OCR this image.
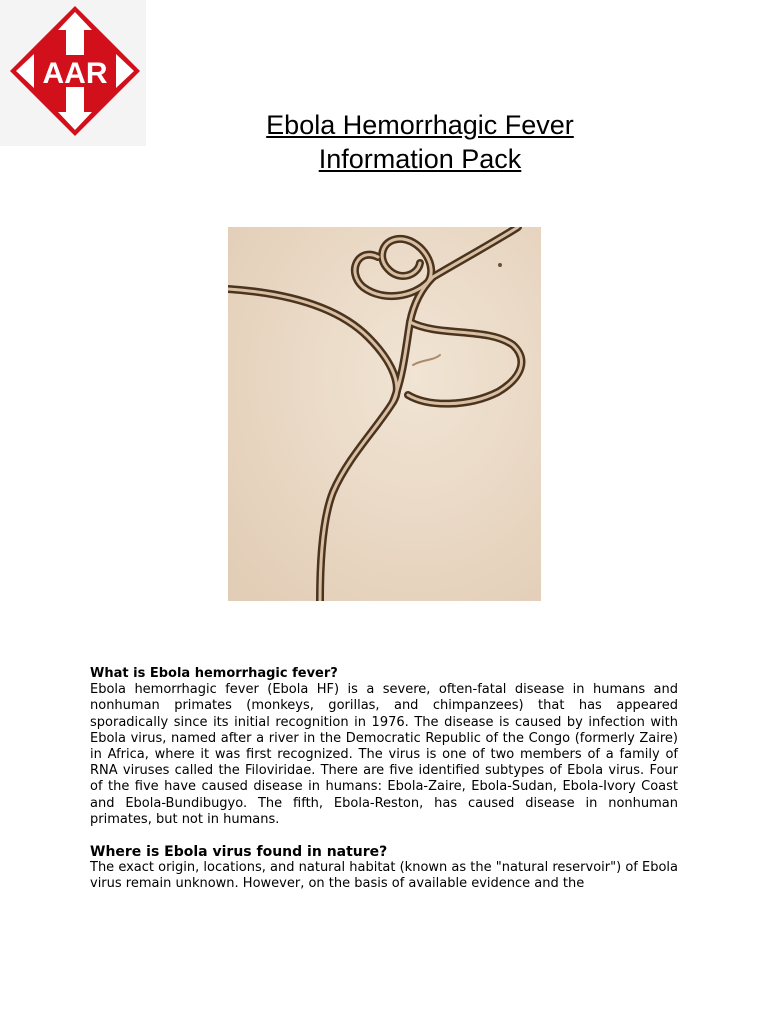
AAR
Ebola Hemorrhagic Fever
Information Pack
What is Ebola hemorrhagic fever?

Ebola hemorrhagic fever (Ebola HF) is a severe, often-fatal disease in humans and nonhuman primates (monkeys, gorillas, and chimpanzees) that has appeared sporadically since its initial recognition in 1976. The disease is caused by infection with Ebola virus, named after a river in the Democratic Republic of the Congo (formerly Zaire) in Africa, where it was first recognized. The virus is one of two members of a family of RNA viruses called the Filoviridae. There are five identified subtypes of Ebola virus. Four of the five have caused disease in humans: Ebola-Zaire, Ebola-Sudan, Ebola-Ivory Coast and Ebola-Bundibugyo. The fifth, Ebola-Reston, has caused disease in nonhuman primates, but not in humans.

Where is Ebola virus found in nature?

The exact origin, locations, and natural habitat (known as the "natural reservoir") of Ebola virus remain unknown. However, on the basis of available evidence and the
